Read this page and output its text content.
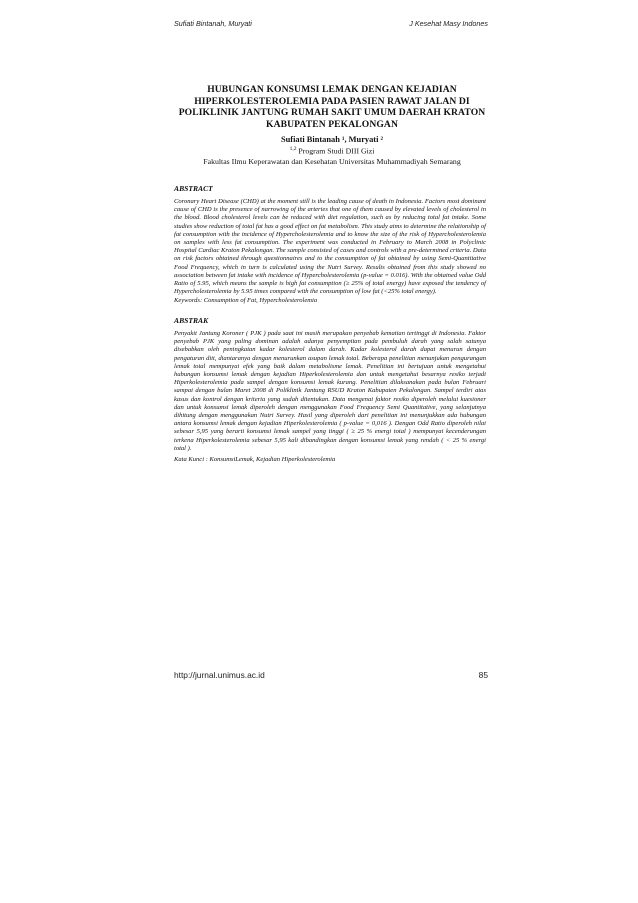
Sufiati Bintanah, Muryati	J Kesehat Masy Indones
HUBUNGAN KONSUMSI LEMAK DENGAN KEJADIAN HIPERKOLESTEROLEMIA PADA PASIEN RAWAT JALAN DI POLIKLINIK JANTUNG RUMAH SAKIT UMUM DAERAH KRATON KABUPATEN PEKALONGAN
Sufiati Bintanah ¹, Muryati ²
$^{1,2}$ Program Studi DIII Gizi
Fakultas Ilmu Keperawatan dan Kesehatan Universitas Muhammadiyah Semarang
ABSTRACT

Coronary Heart Disease (CHD) at the moment still is the leading cause of death in Indonesia. Factors most dominant cause of CHD is the presence of narrowing of the arteries that one of them caused by elevated levels of cholesterol in the blood. Blood cholesterol levels can be reduced with diet regulation, such as by reducing total fat intake. Some studies show reduction of total fat has a good effect on fat metabolism. This study aims to determine the relationship of fat consumption with the incidence of Hypercholesterolemia and to know the size of the risk of Hypercholesterolemia on samples with less fat consumption. The experiment was conducted in February to March 2008 in Polyclinic Hospital Cardiac Kraton Pekalongan. The sample consisted of cases and controls with a pre-determined criteria. Data on risk factors obtained through questionnaires and to the consumption of fat obtained by using Semi-Quantitative Food Frequency, which in turn is calculated using the Nutri Survey. Results obtained from this study showed no association between fat intake with incidence of Hypercholesterolemia (p-value = 0.016). With the obtained value Odd Ratio of 5.95, which means the sample is high fat consumption (≥ 25% of total energy) have exposed the tendency of Hypercholesterolemia by 5.95 times compared with the consumption of low fat (<25% total energy).

Keywords: Consumption of Fat, Hypercholesterolemia
ABSTRAK

Penyakit Jantung Koroner ( PJK ) pada saat ini masih merupakan penyebab kematian tertinggi di Indonesia. Faktor penyebab PJK yang paling dominan adalah adanya penyempitan pada pembuluh darah yang salah satunya disebabkan oleh peningkatan kadar kolesterol dalam darah. Kadar kolesterol darah dapat menurun dengan pengaturan diit, diantaranya dengan menurunkan asupan lemak total. Beberapa penelitian menunjukan pengurangan lemak total mempunyai efek yang baik dalam metabolisme lemak. Penelitian ini bertujuan untuk mengetahui hubungan konsumsi lemak dengan kejadian Hiperkolesterolemia dan untuk mengetahui besarnya resiko terjadi Hiperkolesterolemia pada sampel dengan konsumsi lemak kurang. Penelitian dilaksanakan pada bulan Februari sampai dengan bulan Maret 2008 di Poliklinik Jantung RSUD Kraton Kabupaten Pekalongan. Sampel terdiri atas kasus dan kontrol dengan kriteria yang sudah ditentukan. Data mengenai faktor resiko diperoleh melalui kuesioner dan untuk konsumsi lemak diperoleh dengan menggunakan Food Frequency Semi Quantitative, yang selanjutnya dihitung dengan menggunakan Nutri Survey. Hasil yang diperoleh dari penelitian ini menunjukkan ada hubungan antara konsumsi lemak dengan kejadian Hiperkolesterolemia ( p-value = 0,016 ). Dengan Odd Ratio diperoleh nilai sebesar 5,95 yang berarti konsumsi lemak sampel yang tinggi ( ≥ 25 % energi total ) mempunyai kecenderungan terkena Hiperkolesterolemia sebesar 5,95 kali dibandingkan dengan konsumsi lemak yang rendah ( < 25 % energi total ).

Kata Kunci : KonsumsiLemak, Kejadian Hiperkolesterolemia
http://jurnal.unimus.ac.id	85
